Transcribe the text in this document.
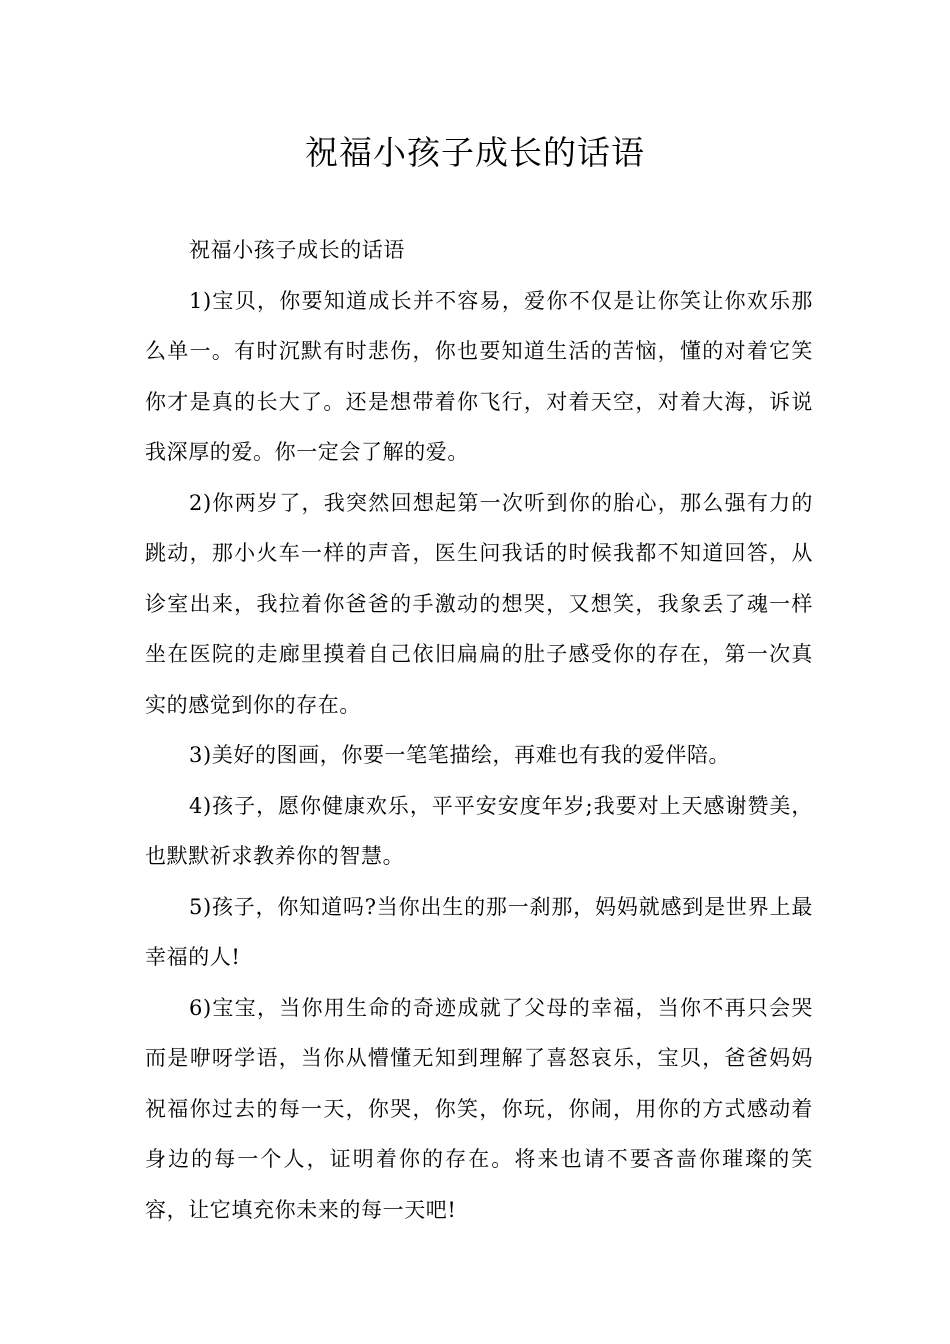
祝福小孩子成长的话语

祝福小孩子成长的话语

1)宝贝，你要知道成长并不容易，爱你不仅是让你笑让你欢乐那么单一。有时沉默有时悲伤，你也要知道生活的苦恼，懂的对着它笑你才是真的长大了。还是想带着你飞行，对着天空，对着大海，诉说我深厚的爱。你一定会了解的爱。

2)你两岁了，我突然回想起第一次听到你的胎心，那么强有力的跳动，那小火车一样的声音，医生问我话的时候我都不知道回答，从诊室出来，我拉着你爸爸的手激动的想哭，又想笑，我象丢了魂一样坐在医院的走廊里摸着自己依旧扁扁的肚子感受你的存在，第一次真实的感觉到你的存在。

3)美好的图画，你要一笔笔描绘，再难也有我的爱伴陪。

4)孩子，愿你健康欢乐，平平安安度年岁;我要对上天感谢赞美，也默默祈求教养你的智慧。

5)孩子，你知道吗?当你出生的那一刹那，妈妈就感到是世界上最幸福的人!

6)宝宝，当你用生命的奇迹成就了父母的幸福，当你不再只会哭而是咿呀学语，当你从懵懂无知到理解了喜怒哀乐，宝贝，爸爸妈妈祝福你过去的每一天，你哭，你笑，你玩，你闹，用你的方式感动着身边的每一个人，证明着你的存在。将来也请不要吝啬你璀璨的笑容，让它填充你未来的每一天吧!
